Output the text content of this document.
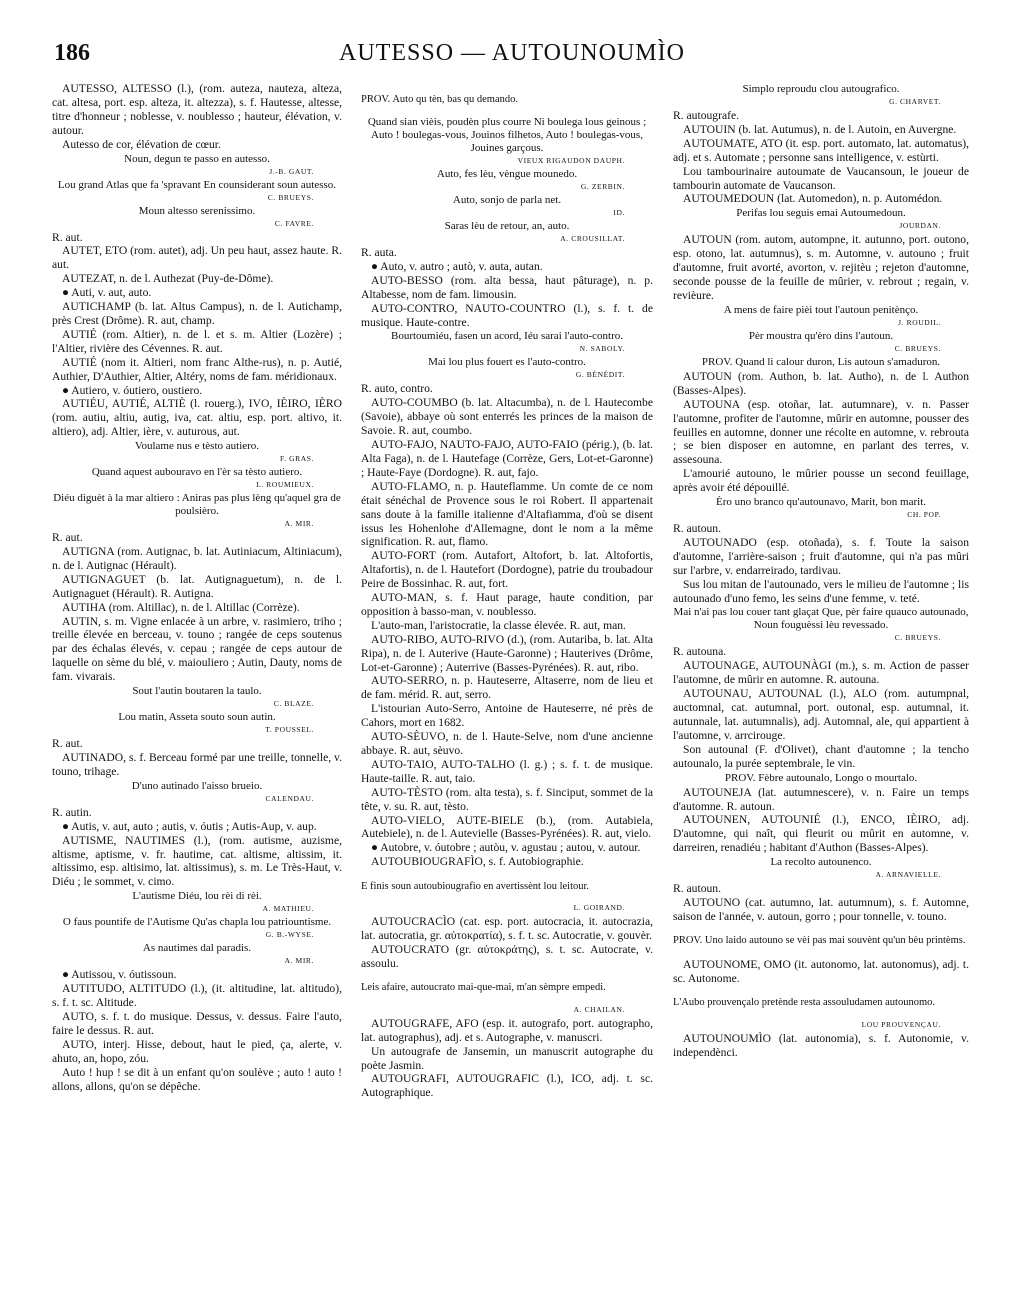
186	AUTESSO — AUTOUNOUMÌO

AUTESSO, ALTESSO (l.), (rom. auteza, nauteza, alteza, cat. altesa, port. esp. alteza, it. altezza), s. f. Hautesse, altesse, titre d'honneur ; noblesse, v. noublesso ; hauteur, élévation, v. autour.

Autesso de cor, élévation de cœur.

Noun, degun te passo en autesso.

J.-B. GAUT.

Lou grand Atlas que fa 'spravant En counsiderant soun autesso.

C. BRUEYS.

Moun altesso serenissimo.

C. FAVRE.

R. aut.

AUTET, ETO (rom. autet), adj. Un peu haut, assez haute. R. aut.

AUTEZAT, n. de l. Authezat (Puy-de-Dôme).

● Auti, v. aut, auto.

AUTICHAMP (b. lat. Altus Campus), n. de l. Autichamp, près Crest (Drôme). R. aut, champ.

AUTIÉ (rom. Altier), n. de l. et s. m. Altier (Lozère) ; l'Altier, rivière des Cévennes. R. aut.

AUTIÉ (nom it. Altieri, nom franc Althe-rus), n. p. Autié, Authier, D'Authier, Altier, Altéry, noms de fam. méridionaux.

● Autiero, v. óutiero, oustiero.

AUTIÉU, AUTIÉ, ALTIÈ (l. rouerg.), IVO, IÈIRO, IÈRO (rom. autiu, altiu, autig, iva, cat. altiu, esp. port. altivo, it. altiero), adj. Altier, ière, v. auturous, aut.

Voulame nus e tèsto autiero.

F. GRAS.

Quand aquest aubouravo en l'èr sa tèsto autiero.

L. ROUMIEUX.

Diéu diguèt à la mar altiero : Aniras pas plus lèng qu'aquel gra de poulsièro.

A. MIR.

R. aut.

AUTIGNA (rom. Autignac, b. lat. Autiniacum, Altiniacum), n. de l. Autignac (Hérault).

AUTIGNAGUET (b. lat. Autignaguetum), n. de l. Autignaguet (Hérault). R. Autigna.

AUTIHA (rom. Altillac), n. de l. Altillac (Corrèze).

AUTIN, s. m. Vigne enlacée à un arbre, v. rasimiero, triho ; treille élevée en berceau, v. touno ; rangée de ceps soutenus par des échalas élevés, v. cepau ; rangée de ceps autour de laquelle on sème du blé, v. maiouliero ; Autin, Dauty, noms de fam. vivarais.

Sout l'autin boutaren la taulo.

C. BLAZE.

Lou matin, Asseta souto soun autin.

T. POUSSEL.

R. aut.

AUTINADO, s. f. Berceau formé par une treille, tonnelle, v. touno, trihage.

D'uno autinado l'aisso brueio.

CALENDAU.

R. autin.

● Autis, v. aut, auto ; autis, v. óutis ; Autis-Aup, v. aup.

AUTISME, NAUTIMES (l.), (rom. autisme, auzisme, altisme, aptisme, v. fr. hautime, cat. altisme, altissim, it. altissimo, esp. altisimo, lat. altissimus), s. m. Le Très-Haut, v. Diéu ; le sommet, v. cimo.

L'autisme Diéu, lou rèi di rèi.

A. MATHIEU.

O faus pountife de l'Autisme Qu'as chapla lou patriountisme.

G. B.-WYSE.

As nautimes dal paradis.

A. MIR.

● Autissou, v. óutissoun.

AUTITUDO, ALTITUDO (l.), (it. altitudine, lat. altitudo), s. f. t. sc. Altitude.

AUTO, s. f. t. do musique. Dessus, v. dessus. Faire l'auto, faire le dessus. R. aut.

AUTO, interj. Hisse, debout, haut le pied, ça, alerte, v. ahuto, an, hopo, zóu.

Auto ! hup ! se dit à un enfant qu'on soulève ; auto ! auto ! allons, allons, qu'on se dépêche.

PROV. Auto qu tèn, bas qu demando.

Quand sian vièis, poudèn plus courre Ni boulega lous geinous ; Auto ! boulegas-vous, Jouinos filhetos, Auto ! boulegas-vous, Jouines garçous.

VIEUX RIGAUDON DAUPH.

Auto, fes lèu, vèngue mounedo.

G. ZERBIN.

Auto, sonjo de parla net.

ID.

Saras lèu de retour, an, auto.

A. CROUSILLAT.

R. auta.

● Auto, v. autro ; autò, v. auta, autan.

AUTO-BESSO (rom. alta bessa, haut pâturage), n. p. Altabesse, nom de fam. limousin.

AUTO-CONTRO, NAUTO-COUNTRO (l.), s. f. t. de musique. Haute-contre.

Bourtoumiéu, fasen un acord, Iéu sarai l'auto-contro.

N. SABOLY.

Mai lou plus fouert es l'auto-contro.

G. BÉNÉDIT.

R. auto, contro.

AUTO-COUMBO (b. lat. Altacumba), n. de l. Hautecombe (Savoie), abbaye où sont enterrés les princes de la maison de Savoie. R. aut, coumbo.

AUTO-FAJO, NAUTO-FAJO, AUTO-FAIO (périg.), (b. lat. Alta Faga), n. de l. Hautefage (Corrèze, Gers, Lot-et-Garonne) ; Haute-Faye (Dordogne). R. aut, fajo.

AUTO-FLAMO, n. p. Hauteflamme. Un comte de ce nom était sénéchal de Provence sous le roi Robert. Il appartenait sans doute à la famille italienne d'Altafiamma, d'où se disent issus les Hohenlohe d'Allemagne, dont le nom a la même signification. R. aut, flamo.

AUTO-FORT (rom. Autafort, Altofort, b. lat. Altofortis, Altafortis), n. de l. Hautefort (Dordogne), patrie du troubadour Peire de Bossinhac. R. aut, fort.

AUTO-MAN, s. f. Haut parage, haute condition, par opposition à basso-man, v. noublesso.

L'auto-man, l'aristocratie, la classe élevée. R. aut, man.

AUTO-RIBO, AUTO-RIVO (d.), (rom. Autariba, b. lat. Alta Ripa), n. de l. Auterive (Haute-Garonne) ; Hauterives (Drôme, Lot-et-Garonne) ; Auterrive (Basses-Pyrénées). R. aut, ribo.

AUTO-SERRO, n. p. Hauteserre, Altaserre, nom de lieu et de fam. mérid. R. aut, serro.

L'istourian Auto-Serro, Antoine de Hauteserre, né près de Cahors, mort en 1682.

AUTO-SÈUVO, n. de l. Haute-Selve, nom d'une ancienne abbaye. R. aut, sèuvo.

AUTO-TAIO, AUTO-TALHO (l. g.) ; s. f. t. de musique. Haute-taille. R. aut, taio.

AUTO-TÈSTO (rom. alta testa), s. f. Sinciput, sommet de la tête, v. su. R. aut, tèsto.

AUTO-VIELO, AUTE-BIELE (b.), (rom. Autabiela, Autebiele), n. de l. Autevielle (Basses-Pyrénées). R. aut, vielo.

● Autobre, v. óutobre ; autòu, v. agustau ; autou, v. autour.

AUTOUBIOUGRAFÌO, s. f. Autobiographie.

E finis soun autoubiougrafìo en avertissènt lou leitour.

L. GOIRAND.

AUTOUCRACÌO (cat. esp. port. autocracia, it. autocrazia, lat. autocratia, gr. αὐτοκρατία), s. f. t. sc. Autocratie, v. gouvèr.

AUTOUCRATO (gr. αὐτοκράτης), s. t. sc. Autocrate, v. assoulu.

Leis afaire, autoucrato mai-que-mai, m'an sèmpre empedi.

A. CHAILAN.

AUTOUGRAFE, AFO (esp. it. autografo, port. autographo, lat. autographus), adj. et s. Autographe, v. manuscri.

Un autougrafe de Jansemin, un manuscrit autographe du poète Jasmin.

AUTOUGRAFI, AUTOUGRAFIC (l.), ICO, adj. t. sc. Autographique.

Simplo reproudu clou autougrafico.

G. CHARVET.

R. autougrafe.

AUTOUIN (b. lat. Autumus), n. de l. Autoin, en Auvergne.

AUTOUMATE, ATO (it. esp. port. automato, lat. automatus), adj. et s. Automate ; personne sans intelligence, v. estùrti.

Lou tambourinaire autoumate de Vaucansoun, le joueur de tambourin automate de Vaucanson.

AUTOUMEDOUN (lat. Automedon), n. p. Automédon.

Perifas lou seguis emai Autoumedoun.

JOURDAN.

AUTOUN (rom. autom, autompne, it. autunno, port. outono, esp. otono, lat. autumnus), s. m. Automne, v. autouno ; fruit d'automne, fruit avorté, avorton, v. rejitèu ; rejeton d'automne, seconde pousse de la feuille de mûrier, v. rebrout ; regain, v. revièure.

A mens de faire pièi tout l'autoun penitènço.

J. ROUDIL.

Pèr moustra qu'èro dins l'autoun.

C. BRUEYS.

PROV. Quand li calour duron, Lis autoun s'amaduron.

AUTOUN (rom. Authon, b. lat. Autho), n. de l. Authon (Basses-Alpes).

AUTOUNA (esp. otoñar, lat. autumnare), v. n. Passer l'automne, profiter de l'automne, mûrir en automne, pousser des feuilles en automne, donner une récolte en automne, v. rebrouta ; se bien disposer en automne, en parlant des terres, v. assesouna.

L'amourié autouno, le mûrier pousse un second feuillage, après avoir été dépouillé.

Èro uno branco qu'autounavo, Marit, bon marit.

CH. POP.

R. autoun.

AUTOUNADO (esp. otoñada), s. f. Toute la saison d'automne, l'arrière-saison ; fruit d'automne, qui n'a pas mûri sur l'arbre, v. endarreirado, tardivau.

Sus lou mitan de l'autounado, vers le milieu de l'automne ; lis autounado d'uno femo, les seins d'une femme, v. teté.

Mai n'ai pas lou couer tant glaçat Que, pèr faire quauco autounado, Noun fouguèssi lèu revessado.

C. BRUEYS.

R. autouna.

AUTOUNAGE, AUTOUNÀGI (m.), s. m. Action de passer l'automne, de mûrir en automne. R. autouna.

AUTOUNAU, AUTOUNAL (l.), ALO (rom. autumpnal, auctomnal, cat. autumnal, port. outonal, esp. autumnal, it. autunnale, lat. autumnalis), adj. Automnal, ale, qui appartient à l'automne, v. arrcirouge.

Son autounal (F. d'Olivet), chant d'automne ; la tencho autounalo, la purée septembrale, le vin.

PROV. Fèbre autounalo, Longo o mourtalo.

AUTOUNEJA (lat. autumnescere), v. n. Faire un temps d'automne. R. autoun.

AUTOUNEN, AUTOUNIÉ (l.), ENCO, IÈIRO, adj. D'automne, qui naît, qui fleurit ou mûrit en automne, v. darreiren, renadiéu ; habitant d'Authon (Basses-Alpes).

La recolto autounenco.

A. ARNAVIELLE.

R. autoun.

AUTOUNO (cat. autumno, lat. autumnum), s. f. Automne, saison de l'année, v. autoun, gorro ; pour tonnelle, v. touno.

PROV. Uno laido autouno se vèi pas mai souvènt qu'un bèu printèms.

AUTOUNOME, OMO (it. autonomo, lat. autonomus), adj. t. sc. Autonome.

L'Aubo prouvençalo pretènde resta assouludamen autounomo.

LOU PROUVENÇAU.

AUTOUNOUMÌO (lat. autonomia), s. f. Autonomie, v. independènci.
